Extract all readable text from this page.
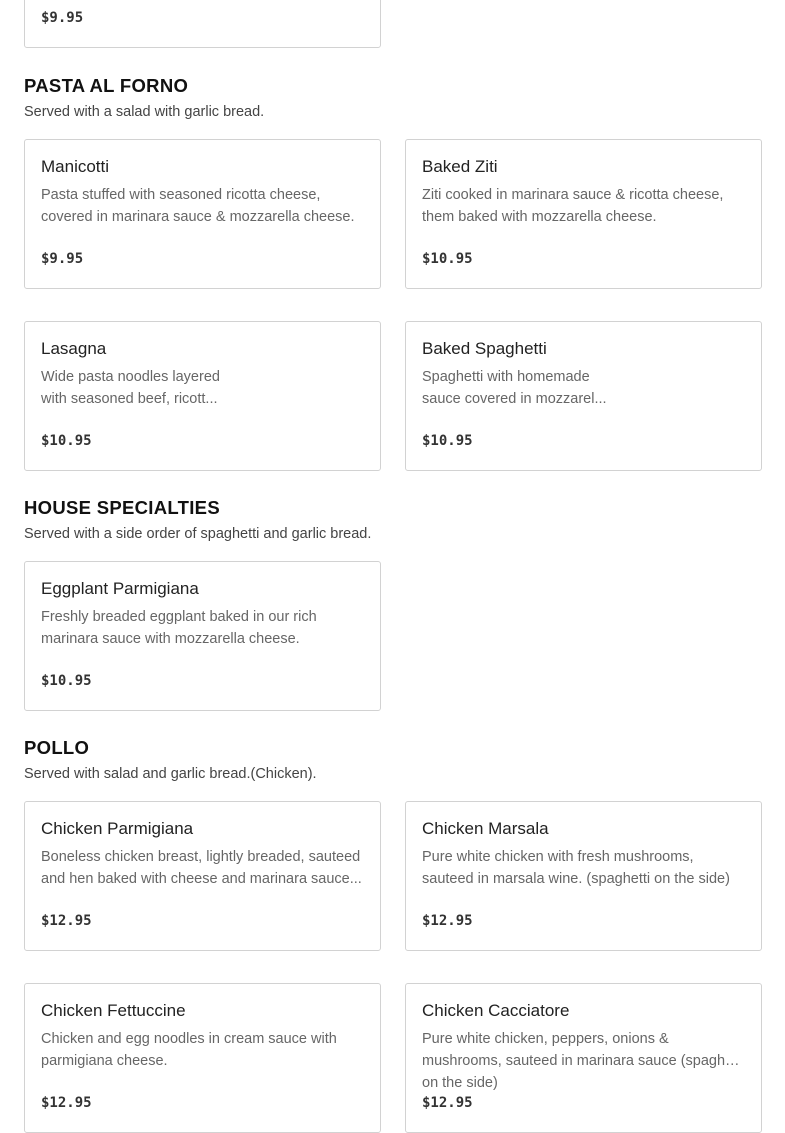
$9.95
PASTA AL FORNO
Served with a salad with garlic bread.
Manicotti
Pasta stuffed with seasoned ricotta cheese, covered in marinara sauce & mozzarella cheese.
$9.95
Baked Ziti
Ziti cooked in marinara sauce & ricotta cheese, them baked with mozzarella cheese.
$10.95
Lasagna
Wide pasta noodles layered with seasoned beef, ricott...
$10.95
Baked Spaghetti
Spaghetti with homemade sauce covered in mozzarel...
$10.95
HOUSE SPECIALTIES
Served with a side order of spaghetti and garlic bread.
Eggplant Parmigiana
Freshly breaded eggplant baked in our rich marinara sauce with mozzarella cheese.
$10.95
POLLO
Served with salad and garlic bread.(Chicken).
Chicken Parmigiana
Boneless chicken breast, lightly breaded, sauteed and hen baked with cheese and marinara sauce...
$12.95
Chicken Marsala
Pure white chicken with fresh mushrooms, sauteed in marsala wine. (spaghetti on the side)
$12.95
Chicken Fettuccine
Chicken and egg noodles in cream sauce with parmigiana cheese.
$12.95
Chicken Cacciatore
Pure white chicken, peppers, onions & mushrooms, sauteed in marinara sauce (spaghetti on the side)
$12.95
